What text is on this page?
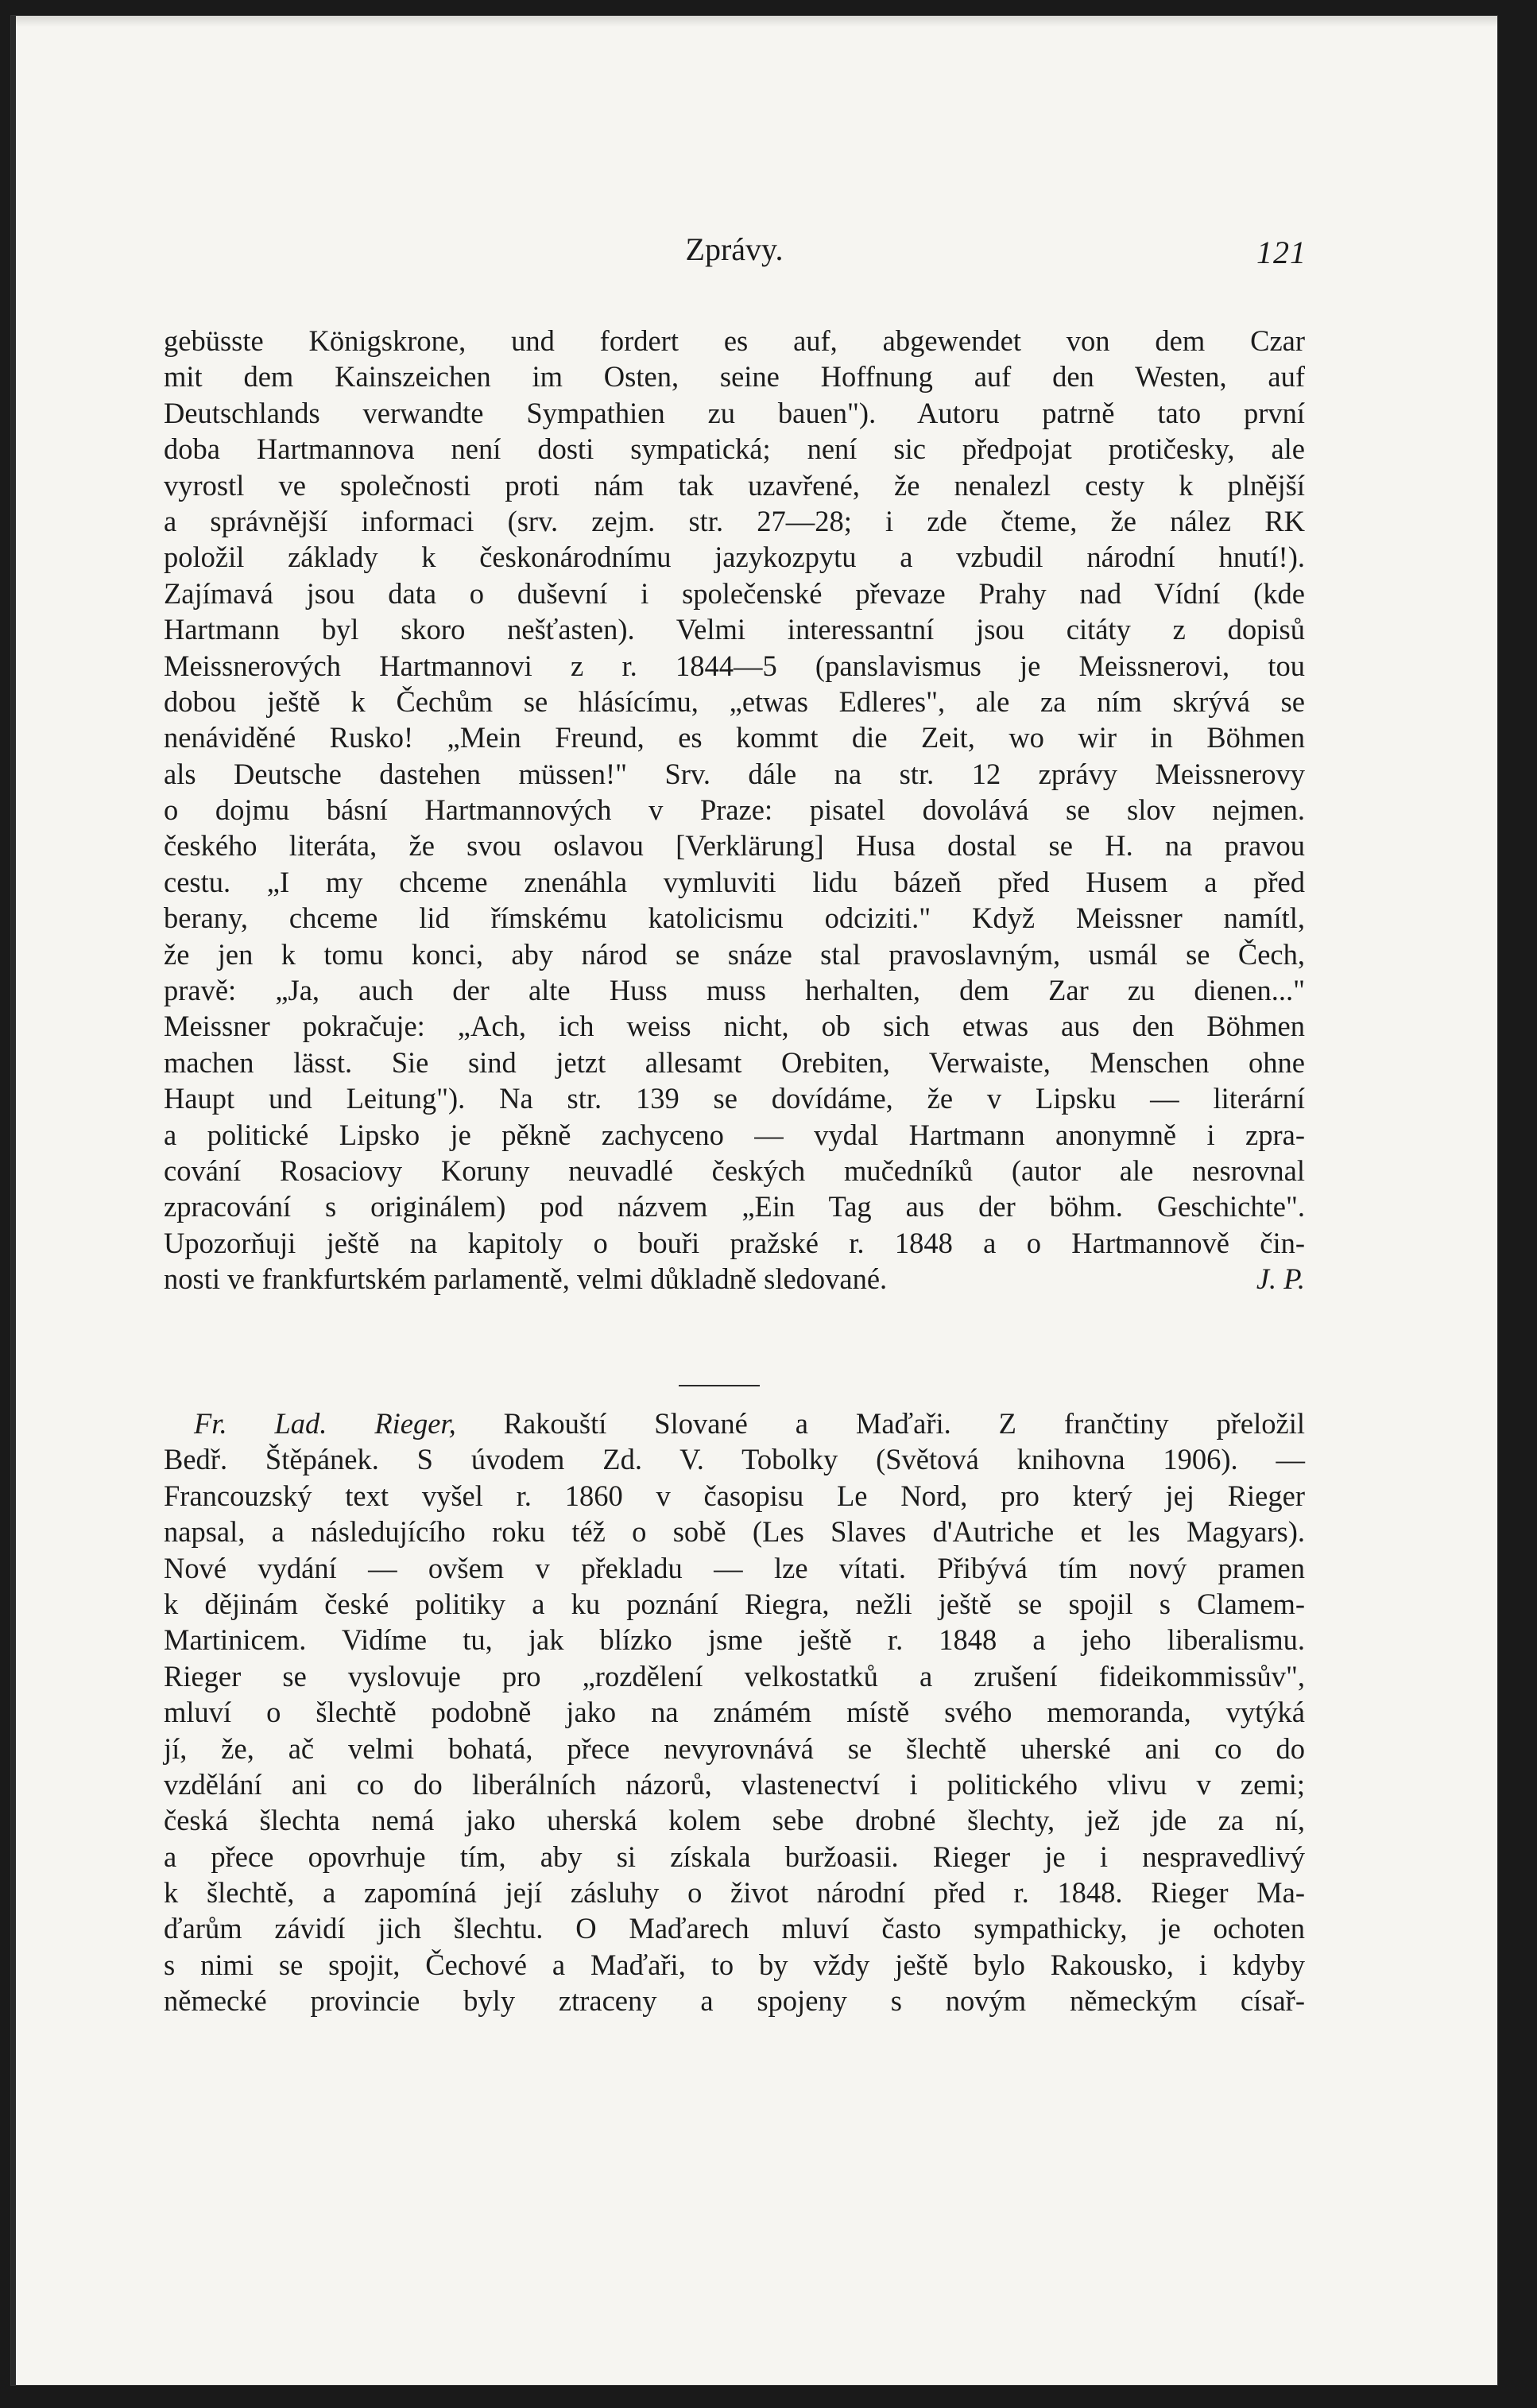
Zprávy.	121
gebüsste Königskrone, und fordert es auf, abgewendet von dem Czar
mit dem Kainszeichen im Osten, seine Hoffnung auf den Westen, auf
Deutschlands verwandte Sympathien zu bauen"). Autoru patrně tato první
doba Hartmannova není dosti sympatická; není sic předpojat protičesky, ale
vyrostl ve společnosti proti nám tak uzavřené, že nenalezl cesty k plnější
a správnější informaci (srv. zejm. str. 27—28; i zde čteme, že nález RK
položil základy k českonárodnímu jazykozpytu a vzbudil národní hnutí!).
Zajímavá jsou data o duševní i společenské převaze Prahy nad Vídní (kde
Hartmann byl skoro nešťasten). Velmi interessantní jsou citáty z dopisů
Meissnerových Hartmannovi z r. 1844—5 (panslavismus je Meissnerovi, tou
dobou ještě k Čechům se hlásícímu, „etwas Edleres", ale za ním skrývá se
nenáviděné Rusko! „Mein Freund, es kommt die Zeit, wo wir in Böhmen
als Deutsche dastehen müssen!" Srv. dále na str. 12 zprávy Meissnerovy
o dojmu básní Hartmannových v Praze: pisatel dovolává se slov nejmen.
českého literáta, že svou oslavou [Verklärung] Husa dostal se H. na pravou
cestu. „I my chceme znenáhla vymluviti lidu bázeň před Husem a před
berany, chceme lid římskému katolicismu odciziti." Když Meissner namítl,
že jen k tomu konci, aby národ se snáze stal pravoslavným, usmál se Čech,
pravě: „Ja, auch der alte Huss muss herhalten, dem Zar zu dienen..."
Meissner pokračuje: „Ach, ich weiss nicht, ob sich etwas aus den Böhmen
machen lässt. Sie sind jetzt allesamt Orebiten, Verwaiste, Menschen ohne
Haupt und Leitung"). Na str. 139 se dovídáme, že v Lipsku — literární
a politické Lipsko je pěkně zachyceno — vydal Hartmann anonymně i zpra-
cování Rosaciovy Koruny neuvadlé českých mučedníků (autor ale nesrovnal
zpracování s originálem) pod názvem „Ein Tag aus der böhm. Geschichte".
Upozorňuji ještě na kapitoly o bouři pražské r. 1848 a o Hartmannově čin-
nosti ve frankfurtském parlamentě, velmi důkladně sledované.	J. P.
Fr. Lad. Rieger, Rakouští Slované a Maďaři. Z frančtiny přeložil
Bedř. Štěpánek. S úvodem Zd. V. Tobolky (Světová knihovna 1906). —
Francouzský text vyšel r. 1860 v časopisu Le Nord, pro který jej Rieger
napsal, a následujícího roku též o sobě (Les Slaves d'Autriche et les Magyars).
Nové vydání — ovšem v překladu — lze vítati. Přibývá tím nový pramen
k dějinám české politiky a ku poznání Riegra, nežli ještě se spojil s Clamem-
Martinicem. Vidíme tu, jak blízko jsme ještě r. 1848 a jeho liberalismu.
Rieger se vyslovuje pro „rozdělení velkostatků a zrušení fideikommissův",
mluví o šlechtě podobně jako na známém místě svého memoranda, vytýká
jí, že, ač velmi bohatá, přece nevyrovnává se šlechtě uherské ani co do
vzdělání ani co do liberálních názorů, vlastenectví i politického vlivu v zemi;
česká šlechta nemá jako uherská kolem sebe drobné šlechty, jež jde za ní,
a přece opovrhuje tím, aby si získala buržoasii. Rieger je i nespravedlivý
k šlechtě, a zapomíná její zásluhy o život národní před r. 1848. Rieger Ma-
ďarům závidí jich šlechtu. O Maďarech mluví často sympathicky, je ochoten
s nimi se spojit, Čechové a Maďaři, to by vždy ještě bylo Rakousko, i kdyby
německé provincie byly ztraceny a spojeny s novým německým císař-
